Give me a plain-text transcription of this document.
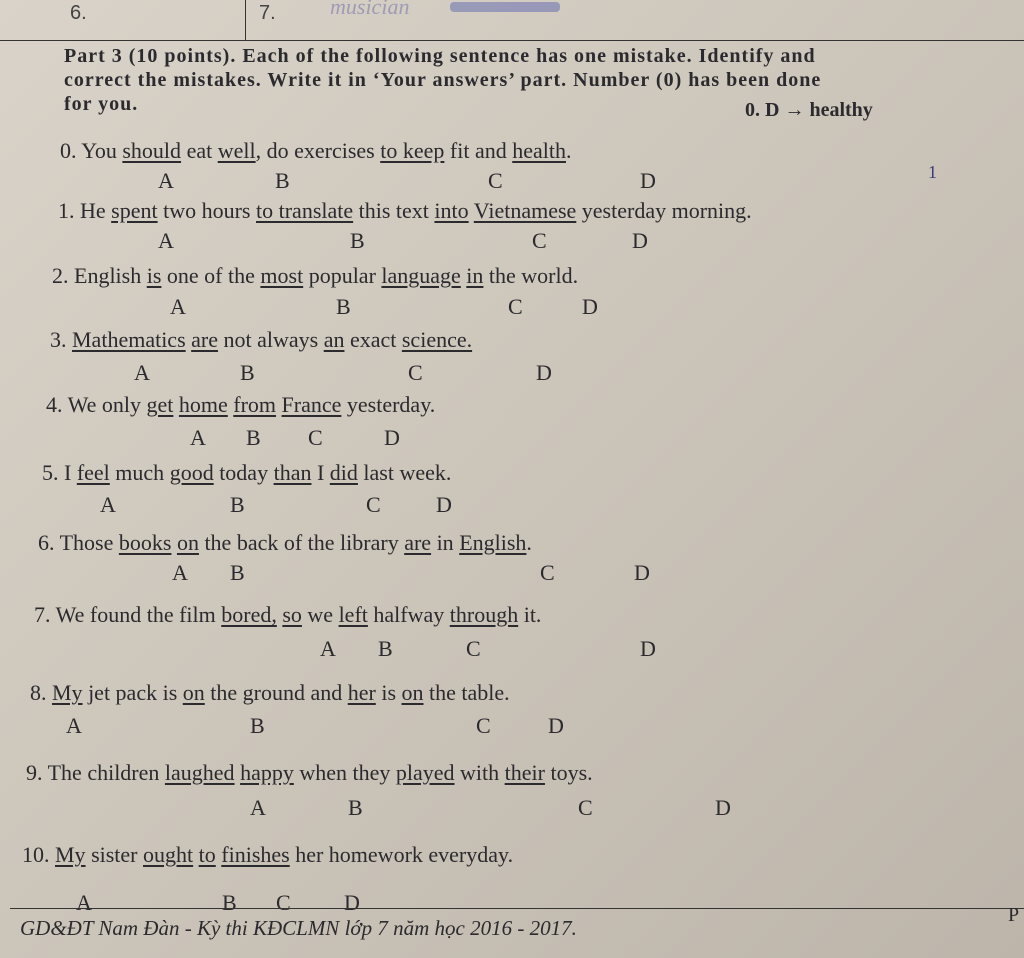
6.	7. musician
Part 3 (10 points). Each of the following sentence has one mistake. Identify and
correct the mistakes. Write it in ‘Your answers’ part. Number (0) has been done
for you.	0. D → healthy
0. You should eat well, do exercises to keep fit and health.
A	B	C	D
1. He spent two hours to translate this text into Vietnamese yesterday morning.
A	B	C	D
2. English is one of the most popular language in the world.
A	B	C	D
3. Mathematics are not always an exact science.
A	B	C	D
4. We only get home from France yesterday.
A B C	D
5. I feel much good today than I did last week.
A	B	C	D
6. Those books on the back of the library are in English.
A B	C	D
7. We found the film bored, so we left halfway through it.
A B	C	D
8. My jet pack is on the ground and her is on the table.
A	B	C	D
9. The children laughed happy when they played with their toys.
A	B	C	D
10. My sister ought to finishes her homework everyday.
A	B C D
1
GD&ĐT Nam Đàn - Kỳ thi KĐCLMN lớp 7 năm học 2016 - 2017.
P
